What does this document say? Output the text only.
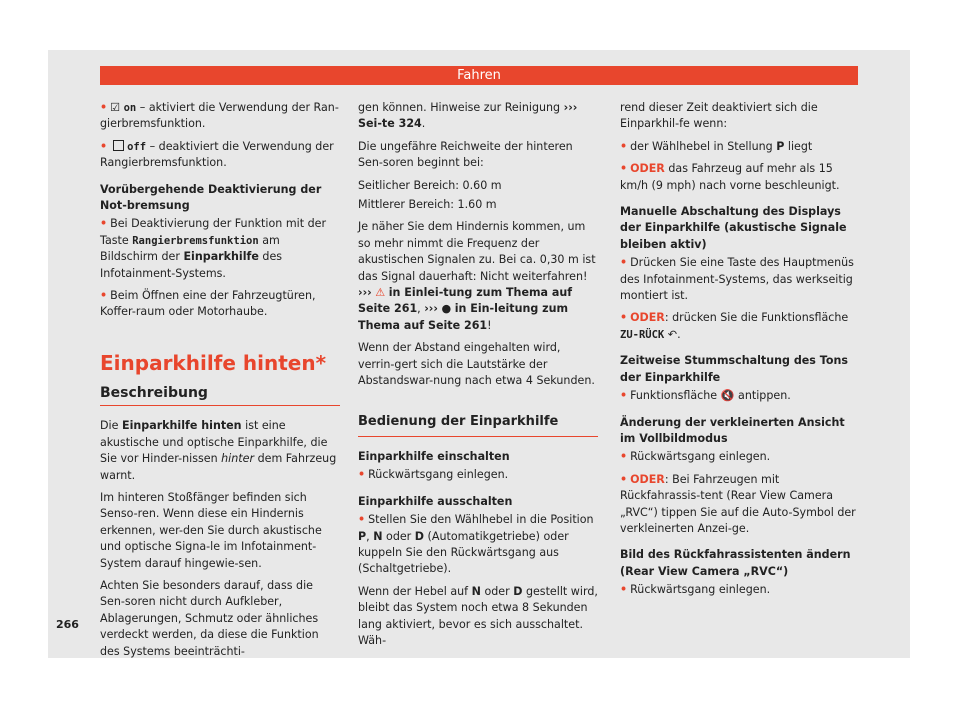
Fahren

• ☑ on – aktiviert die Verwendung der Ran-gierbremsfunktion.

• off – deaktiviert die Verwendung der Rangierbremsfunktion.

Vorübergehende Deaktivierung der Not-bremsung

• Bei Deaktivierung der Funktion mit der Taste Rangierbremsfunktion am Bildschirm der Einparkhilfe des Infotainment-Systems.

• Beim Öffnen eine der Fahrzeugtüren, Koffer-raum oder Motorhaube.

Einparkhilfe hinten*
Beschreibung

Die Einparkhilfe hinten ist eine akustische und optische Einparkhilfe, die Sie vor Hinder-nissen hinter dem Fahrzeug warnt.

Im hinteren Stoßfänger befinden sich Senso-ren. Wenn diese ein Hindernis erkennen, wer-den Sie durch akustische und optische Signa-le im Infotainment-System darauf hingewie-sen.

Achten Sie besonders darauf, dass die Sen-soren nicht durch Aufkleber, Ablagerungen, Schmutz oder ähnliches verdeckt werden, da diese die Funktion des Systems beeinträchti-

gen können. Hinweise zur Reinigung ››› Sei-te 324.

Die ungefähre Reichweite der hinteren Sen-soren beginnt bei:

Seitlicher Bereich: 0.60 m

Mittlerer Bereich: 1.60 m

Je näher Sie dem Hindernis kommen, um so mehr nimmt die Frequenz der akustischen Signalen zu. Bei ca. 0,30 m ist das Signal dauerhaft: Nicht weiterfahren! ››› ⚠ in Einlei-tung zum Thema auf Seite 261, ››› ● in Ein-leitung zum Thema auf Seite 261!

Wenn der Abstand eingehalten wird, verrin-gert sich die Lautstärke der Abstandswar-nung nach etwa 4 Sekunden.

Bedienung der Einparkhilfe

Einparkhilfe einschalten

• Rückwärtsgang einlegen.

Einparkhilfe ausschalten

• Stellen Sie den Wählhebel in die Position P, N oder D (Automatikgetriebe) oder kuppeln Sie den Rückwärtsgang aus (Schaltgetriebe).

Wenn der Hebel auf N oder D gestellt wird, bleibt das System noch etwa 8 Sekunden lang aktiviert, bevor es sich ausschaltet. Wäh-

rend dieser Zeit deaktiviert sich die Einparkhil-fe wenn:

• der Wählhebel in Stellung P liegt

• ODER das Fahrzeug auf mehr als 15 km/h (9 mph) nach vorne beschleunigt.

Manuelle Abschaltung des Displays der Einparkhilfe (akustische Signale bleiben aktiv)

• Drücken Sie eine Taste des Hauptmenüs des Infotainment-Systems, das werkseitig montiert ist.

• ODER: drücken Sie die Funktionsfläche ZU-RÜCK ↶.

Zeitweise Stummschaltung des Tons der Einparkhilfe

• Funktionsfläche 🔇 antippen.

Änderung der verkleinerten Ansicht im Vollbildmodus

• Rückwärtsgang einlegen.

• ODER: Bei Fahrzeugen mit Rückfahrassis-tent (Rear View Camera „RVC“) tippen Sie auf die Auto-Symbol der verkleinerten Anzei-ge.

Bild des Rückfahrassistenten ändern (Rear View Camera „RVC“)

• Rückwärtsgang einlegen.

266
